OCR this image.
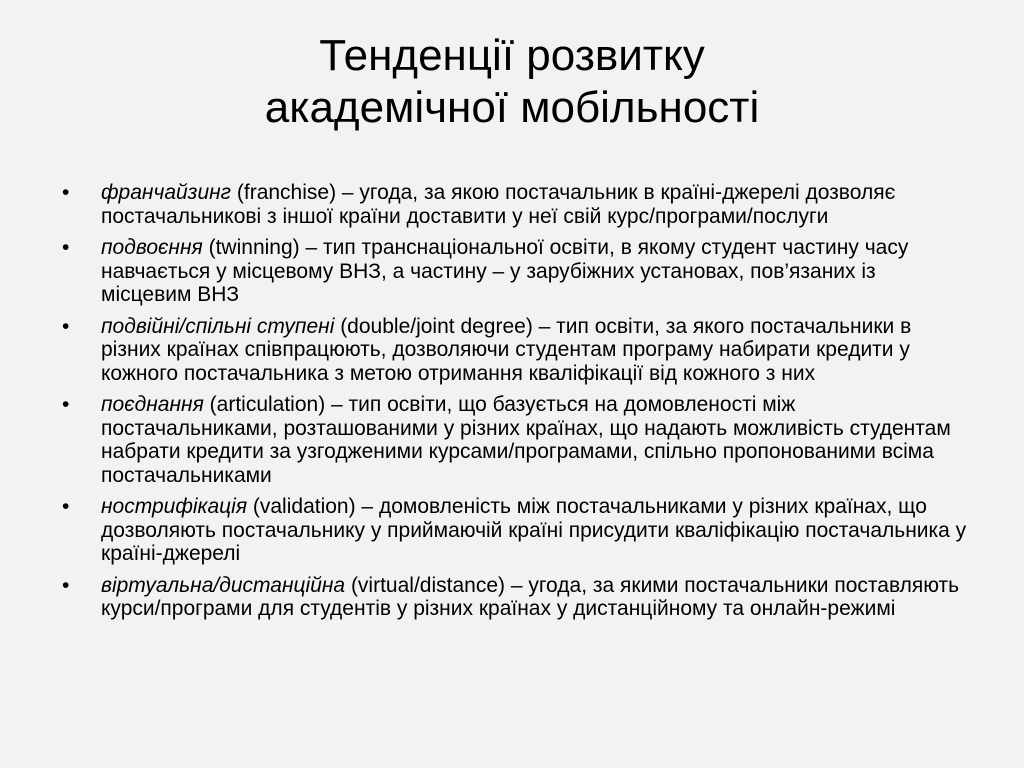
Тенденції розвитку
академічної мобільності
• франчайзинг (franchise) – угода, за якою постачальник в країні-джерелі дозволяє постачальникові з іншої країни доставити у неї свій курс/програми/послуги
• подвоєння (twinning) – тип транснаціональної освіти, в якому студент частину часу навчається у місцевому ВНЗ, а частину – у зарубіжних установах, пов’язаних із місцевим ВНЗ
• подвійні/спільні ступені (double/joint degree) – тип освіти, за якого постачальники в різних країнах співпрацюють, дозволяючи студентам програму набирати кредити у кожного постачальника з метою отримання кваліфікації від кожного з них
• поєднання (articulation) – тип освіти, що базується на домовленості між постачальниками, розташованими у різних країнах, що надають можливість студентам набрати кредити за узгодженими курсами/програмами, спільно пропонованими всіма постачальниками
• нострифікація (validation) – домовленість між постачальниками у різних країнах, що дозволяють постачальнику у приймаючій країні присудити кваліфікацію постачальника у країні-джерелі
• віртуальна/дистанційна (virtual/distance) – угода, за якими постачальники поставляють курси/програми для студентів у різних країнах у дистанційному та онлайн-режимі
